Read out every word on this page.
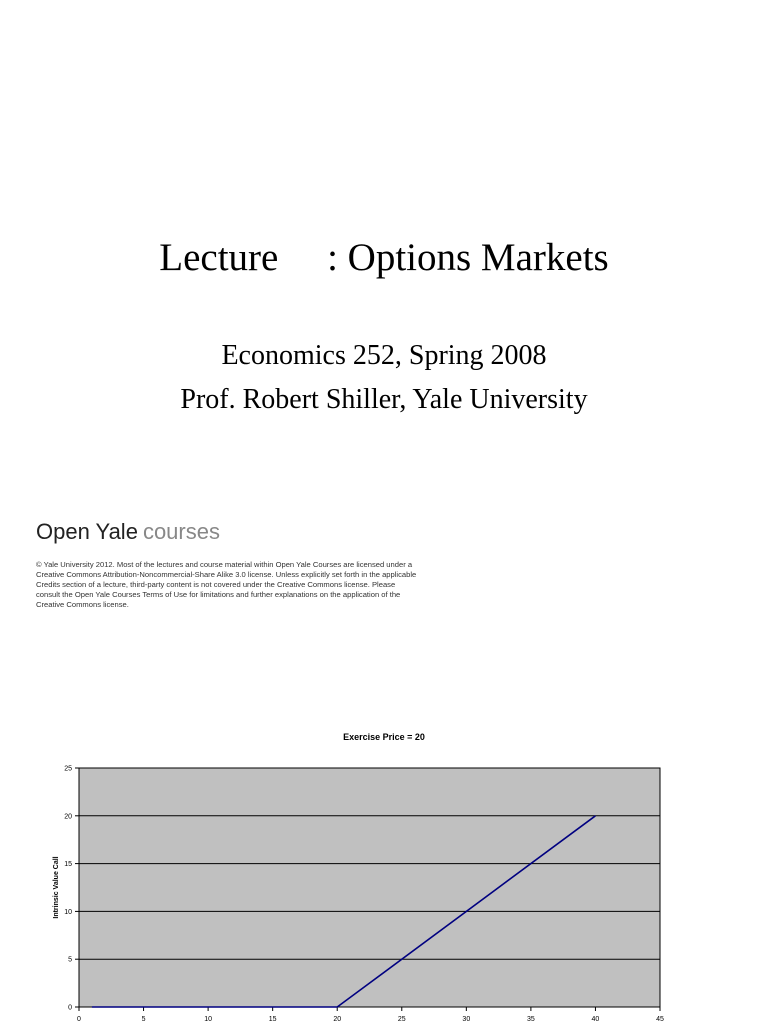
Lecture     : Options Markets
Economics 252, Spring 2008
Prof. Robert Shiller, Yale University
Open Yale courses
© Yale University 2012. Most of the lectures and course material within Open Yale Courses are licensed under a Creative Commons Attribution-Noncommercial-Share Alike 3.0 license. Unless explicitly set forth in the applicable Credits section of a lecture, third-party content is not covered under the Creative Commons license. Please consult the Open Yale Courses Terms of Use for limitations and further explanations on the application of the Creative Commons license.
Exercise Price = 20
0
5
10
15
20
25
0	5	10	15	20	25	30	35	40	45
Intrinsic Value Call
